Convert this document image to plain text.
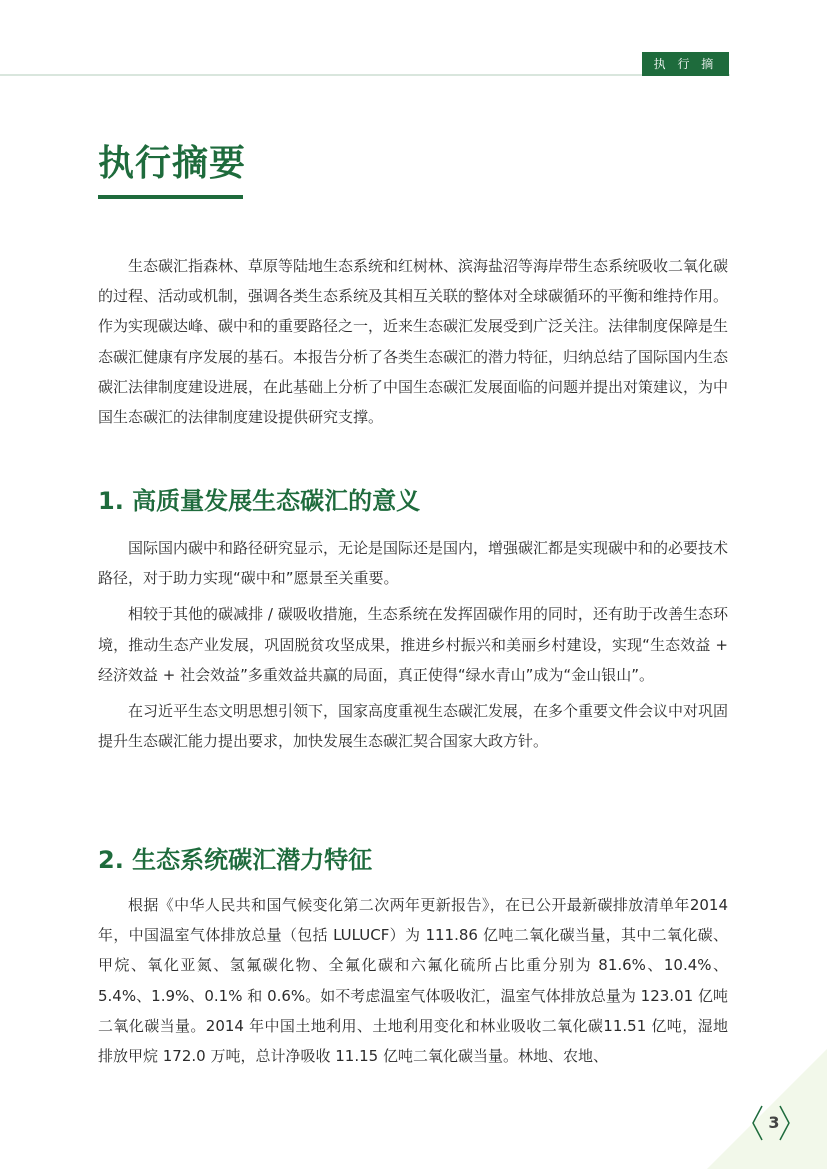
执 行 摘 要
执行摘要

生态碳汇指森林、草原等陆地生态系统和红树林、滨海盐沼等海岸带生态系统吸收二氧化碳的过程、活动或机制，强调各类生态系统及其相互关联的整体对全球碳循环的平衡和维持作用。作为实现碳达峰、碳中和的重要路径之一，近来生态碳汇发展受到广泛关注。法律制度保障是生态碳汇健康有序发展的基石。本报告分析了各类生态碳汇的潜力特征，归纳总结了国际国内生态碳汇法律制度建设进展，在此基础上分析了中国生态碳汇发展面临的问题并提出对策建议，为中国生态碳汇的法律制度建设提供研究支撑。

1. 高质量发展生态碳汇的意义

国际国内碳中和路径研究显示，无论是国际还是国内，增强碳汇都是实现碳中和的必要技术路径，对于助力实现“碳中和”愿景至关重要。

相较于其他的碳减排 / 碳吸收措施，生态系统在发挥固碳作用的同时，还有助于改善生态环境，推动生态产业发展，巩固脱贫攻坚成果，推进乡村振兴和美丽乡村建设，实现“生态效益 + 经济效益 + 社会效益”多重效益共赢的局面，真正使得“绿水青山”成为“金山银山”。

在习近平生态文明思想引领下，国家高度重视生态碳汇发展，在多个重要文件会议中对巩固提升生态碳汇能力提出要求，加快发展生态碳汇契合国家大政方针。

2. 生态系统碳汇潜力特征

根据《中华人民共和国气候变化第二次两年更新报告》，在已公开最新碳排放清单年2014 年，中国温室气体排放总量（包括 LULUCF）为 111.86 亿吨二氧化碳当量，其中二氧化碳、甲烷、氧化亚氮、氢氟碳化物、全氟化碳和六氟化硫所占比重分别为 81.6%、10.4%、5.4%、1.9%、0.1% 和 0.6%。如不考虑温室气体吸收汇，温室气体排放总量为 123.01 亿吨二氧化碳当量。2014 年中国土地利用、土地利用变化和林业吸收二氧化碳11.51 亿吨，湿地排放甲烷 172.0 万吨，总计净吸收 11.15 亿吨二氧化碳当量。林地、农地、

3
